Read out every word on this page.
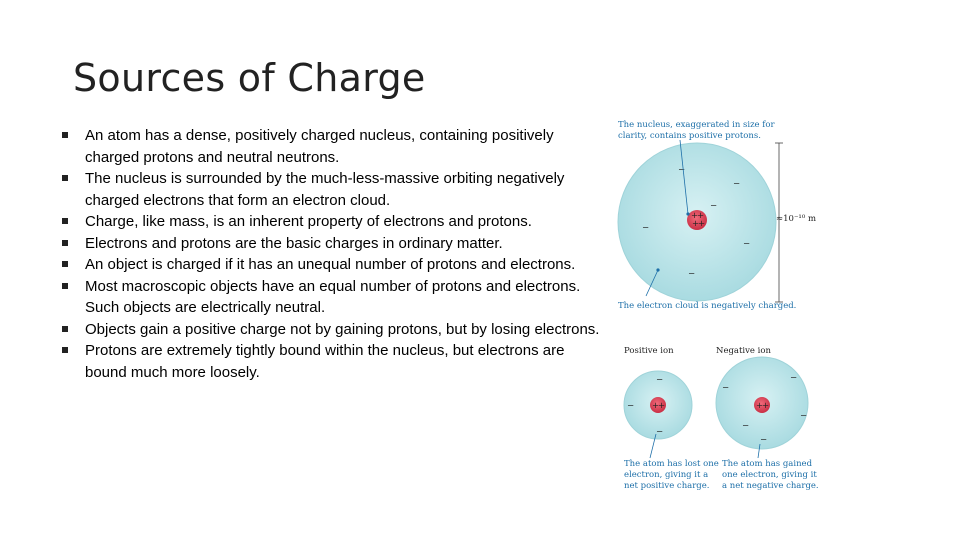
Sources of Charge
An atom has a dense, positively charged nucleus, containing positively charged protons and neutral neutrons.
The nucleus is surrounded by the much-less-massive orbiting negatively charged electrons that form an electron cloud.
Charge, like mass, is an inherent property of electrons and protons.
Electrons and protons are the basic charges in ordinary matter.
An object is charged if it has an unequal number of protons and electrons.
Most macroscopic objects have an equal number of protons and electrons. Such objects are electrically neutral.
Objects gain a positive charge not by gaining protons, but by losing electrons.
Protons are extremely tightly bound within the nucleus, but electrons are bound much more loosely.
The nucleus, exaggerated in size for
clarity, contains positive protons.
+
+
+
+
−
−
−
−
−
−
≈10⁻¹⁰ m
The electron cloud is negatively charged.
Positive ion	Negative ion
+
+
−
−
−
+
+
−
−
−
−
−
The atom has lost one
electron, giving it a
net positive charge.
The atom has gained
one electron, giving it
a net negative charge.
